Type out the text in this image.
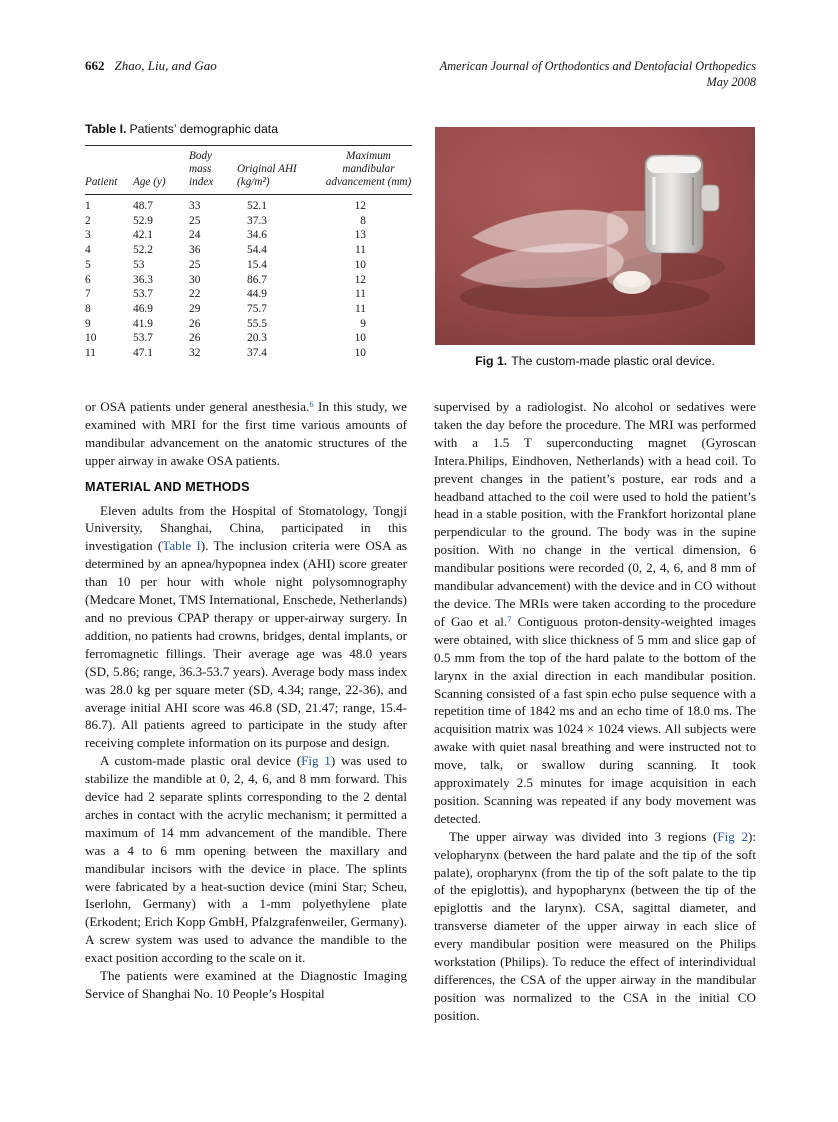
662 Zhao, Liu, and Gao	American Journal of Orthodontics and Dentofacial Orthopedics
May 2008
Table I. Patients’ demographic data
Patient	Age (y)

Body
mass
index

Original AHI
(kg/m²)

Maximum
mandibular
advancement (mm)

1	48.7	33	52.1	12
2	52.9	25	37.3	8
3	42.1	24	34.6	13
4	52.2	36	54.4	11
5	53	25	15.4	10
6	36.3	30	86.7	12
7	53.7	22	44.9	11
8	46.9	29	75.7	11
9	41.9	26	55.5	9
10	53.7	26	20.3	10
11	47.1	32	37.4	10
Fig 1. The custom-made plastic oral device.

or OSA patients under general anesthesia.$^6$ In this study, we examined with MRI for the first time various amounts of mandibular advancement on the anatomic structures of the upper airway in awake OSA patients.

MATERIAL AND METHODS

Eleven adults from the Hospital of Stomatology, Tongji University, Shanghai, China, participated in this investigation (Table I). The inclusion criteria were OSA as determined by an apnea/hypopnea index (AHI) score greater than 10 per hour with whole night polysomnography (Medcare Monet, TMS International, Enschede, Netherlands) and no previous CPAP therapy or upper-airway surgery. In addition, no patients had crowns, bridges, dental implants, or ferromagnetic fillings. Their average age was 48.0 years (SD, 5.86; range, 36.3-53.7 years). Average body mass index was 28.0 kg per square meter (SD, 4.34; range, 22-36), and average initial AHI score was 46.8 (SD, 21.47; range, 15.4-86.7). All patients agreed to participate in the study after receiving complete information on its purpose and design.

A custom-made plastic oral device (Fig 1) was used to stabilize the mandible at 0, 2, 4, 6, and 8 mm forward. This device had 2 separate splints corresponding to the 2 dental arches in contact with the acrylic mechanism; it permitted a maximum of 14 mm advancement of the mandible. There was a 4 to 6 mm opening between the maxillary and mandibular incisors with the device in place. The splints were fabricated by a heat-suction device (mini Star; Scheu, Iserlohn, Germany) with a 1-mm polyethylene plate (Erkodent; Erich Kopp GmbH, Pfalzgrafenweiler, Germany). A screw system was used to advance the mandible to the exact position according to the scale on it.

The patients were examined at the Diagnostic Imaging Service of Shanghai No. 10 People’s Hospital

supervised by a radiologist. No alcohol or sedatives were taken the day before the procedure. The MRI was performed with a 1.5 T superconducting magnet (Gyroscan Intera.Philips, Eindhoven, Netherlands) with a head coil. To prevent changes in the patient’s posture, ear rods and a headband attached to the coil were used to hold the patient’s head in a stable position, with the Frankfort horizontal plane perpendicular to the ground. The body was in the supine position. With no change in the vertical dimension, 6 mandibular positions were recorded (0, 2, 4, 6, and 8 mm of mandibular advancement) with the device and in CO without the device. The MRIs were taken according to the procedure of Gao et al.$^7$ Contiguous proton-density-weighted images were obtained, with slice thickness of 5 mm and slice gap of 0.5 mm from the top of the hard palate to the bottom of the larynx in the axial direction in each mandibular position. Scanning consisted of a fast spin echo pulse sequence with a repetition time of 1842 ms and an echo time of 18.0 ms. The acquisition matrix was 1024 × 1024 views. All subjects were awake with quiet nasal breathing and were instructed not to move, talk, or swallow during scanning. It took approximately 2.5 minutes for image acquisition in each position. Scanning was repeated if any body movement was detected.

The upper airway was divided into 3 regions (Fig 2): velopharynx (between the hard palate and the tip of the soft palate), oropharynx (from the tip of the soft palate to the tip of the epiglottis), and hypopharynx (between the tip of the epiglottis and the larynx). CSA, sagittal diameter, and transverse diameter of the upper airway in each slice of every mandibular position were measured on the Philips workstation (Philips). To reduce the effect of interindividual differences, the CSA of the upper airway in the mandibular position was normalized to the CSA in the initial CO position.
